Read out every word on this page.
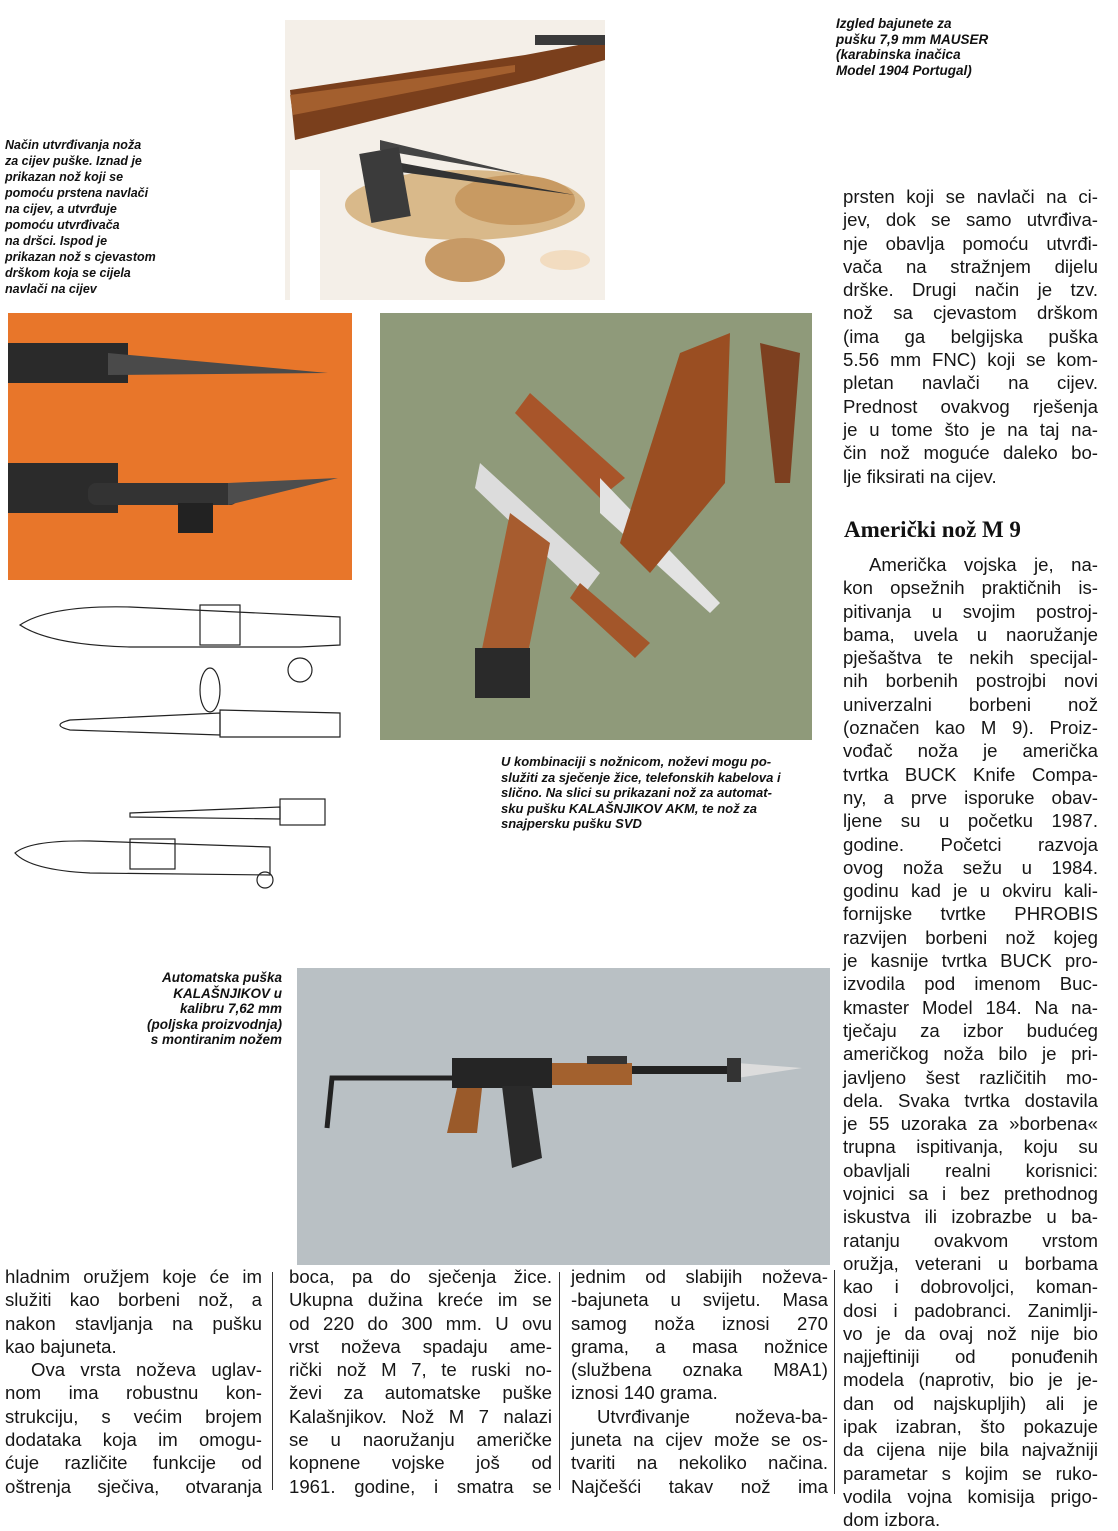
Izgled bajunete za
pušku 7,9 mm MAUSER
(karabinska inačica
Model 1904 Portugal)
Način utvrđivanja noža
za cijev puške. Iznad je
prikazan nož koji se
pomoću prstena navlači
na cijev, a utvrđuje
pomoću utvrđivača
na dršci. Ispod je
prikazan nož s cjevastom
drškom koja se cijela
navlači na cijev
U kombinaciji s nožnicom, noževi mogu po-
služiti za sječenje žice, telefonskih kabelova i
slično. Na slici su prikazani nož za automat-
sku pušku KALAŠNJIKOV AKM, te nož za
snajpersku pušku SVD
Automatska puška
KALAŠNJIKOV u
kalibru 7,62 mm
(poljska proizvodnja)
s montiranim nožem
prsten koji se navlači na ci-
jev, dok se samo utvrđiva-
nje obavlja pomoću utvrđi-
vača na stražnjem dijelu
drške. Drugi način je tzv.
nož sa cjevastom drškom
(ima ga belgijska puška
5.56 mm FNC) koji se kom-
pletan navlači na cijev.
Prednost ovakvog rješenja
je u tome što je na taj na-
čin nož moguće daleko bo-
lje fiksirati na cijev.
Američki nož M 9
Američka vojska je, na-
kon opsežnih praktičnih is-
pitivanja u svojim postroj-
bama, uvela u naoružanje
pješaštva te nekih specijal-
nih borbenih postrojbi novi
univerzalni borbeni nož
(označen kao M 9). Proiz-
vođač noža je američka
tvrtka BUCK Knife Compa-
ny, a prve isporuke obav-
ljene su u početku 1987.
godine. Početci razvoja
ovog noža sežu u 1984.
godinu kad je u okviru kali-
fornijske tvrtke PHROBIS
razvijen borbeni nož kojeg
je kasnije tvrtka BUCK pro-
izvodila pod imenom Buc-
kmaster Model 184. Na na-
tječaju za izbor budućeg
američkog noža bilo je pri-
javljeno šest različitih mo-
dela. Svaka tvrtka dostavila
je 55 uzoraka za »borbena«
trupna ispitivanja, koju su
obavljali realni korisnici:
vojnici sa i bez prethodnog
iskustva ili izobrazbe u ba-
ratanju ovakvom vrstom
oružja, veterani u borbama
kao i dobrovoljci, koman-
dosi i padobranci. Zanimlji-
vo je da ovaj nož nije bio
najjeftiniji od ponuđenih
modela (naprotiv, bio je je-
dan od najskupljih) ali je
ipak izabran, što pokazuje
da cijena nije bila najvažniji
parametar s kojim se ruko-
vodila vojna komisija prigo-
dom izbora.
hladnim oružjem koje će im
služiti kao borbeni nož, a
nakon stavljanja na pušku
kao bajuneta.
Ova vrsta noževa uglav-
nom ima robustnu kon-
strukciju, s većim brojem
dodataka koja im omogu-
ćuje različite funkcije od
oštrenja sječiva, otvaranja
boca, pa do sječenja žice.
Ukupna dužina kreće im se
od 220 do 300 mm. U ovu
vrst noževa spadaju ame-
rički nož M 7, te ruski no-
ževi za automatske puške
Kalašnjikov. Nož M 7 nalazi
se u naoružanju američke
kopnene vojske još od
1961. godine, i smatra se
jednim od slabijih noževa-
-bajuneta u svijetu. Masa
samog noža iznosi 270
grama, a masa nožnice
(službena oznaka M8A1)
iznosi 140 grama.
Utvrđivanje noževa-ba-
juneta na cijev može se os-
tvariti na nekoliko načina.
Najčešći takav nož ima
